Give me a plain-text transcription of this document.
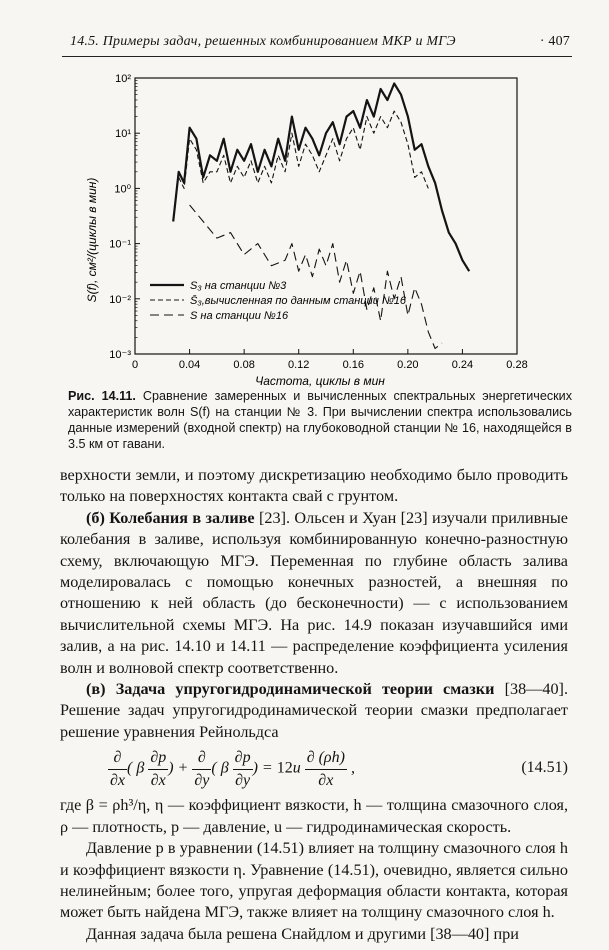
14.5. Примеры задач, решенных комбинированием МКР и МГЭ	· 407
0	0.04	0.08	0.12	0.16	0.20	0.24	0.28
10⁻³
10⁻²
10⁻¹
10⁰
10¹
10²
S₃ на станции №3
S̄₃,вычисленная по данным станции №16
S на станции №16
Частота, циклы в мин
S(f), см²/(циклы в мин)
Рис. 14.11. Сравнение замеренных и вычисленных спектральных энергетических характеристик волн S(f) на станции № 3. При вычислении спектра использовались данные измерений (входной спектр) на глубоководной станции № 16, находящейся в 3.5 км от гавани.

верхности земли, и поэтому дискретизацию необходимо было проводить только на поверхностях контакта свай с грунтом.

(б) Колебания в заливе [23]. Ольсен и Хуан [23] изучали приливные колебания в заливе, используя комбинированную конечно-разностную схему, включающую МГЭ. Переменная по глубине область залива моделировалась с помощью конечных разностей, а внешняя по отношению к ней область (до бесконечности) — с использованием вычислительной схемы МГЭ. На рис. 14.9 показан изучавшийся ими залив, а на рис. 14.10 и 14.11 — распределение коэффициента усиления волн и волновой спектр соответственно.

(в) Задача упругогидродинамической теории смазки [38—40]. Решение задач упругогидродинамической теории смазки предполагает решение уравнения Рейнольдса

$\frac{\partial}{\partial x}$ ( β $\frac{\partial p}{\partial x}$ ) + $\frac{\partial}{\partial y}$ ( β $\frac{\partial p}{\partial y}$ ) = $12u \frac{\partial (\rho h)}{\partial x}$ ,	(14.51)

где β = ρh³/η, η — коэффициент вязкости, h — толщина смазочного слоя, ρ — плотность, p — давление, u — гидродинамическая скорость.

Давление p в уравнении (14.51) влияет на толщину смазочного слоя h и коэффициент вязкости η. Уравнение (14.51), очевидно, является сильно нелинейным; более того, упругая деформация области контакта, которая может быть найдена МГЭ, также влияет на толщину смазочного слоя h.

Данная задача была решена Снайдлом и другими [38—40] при
